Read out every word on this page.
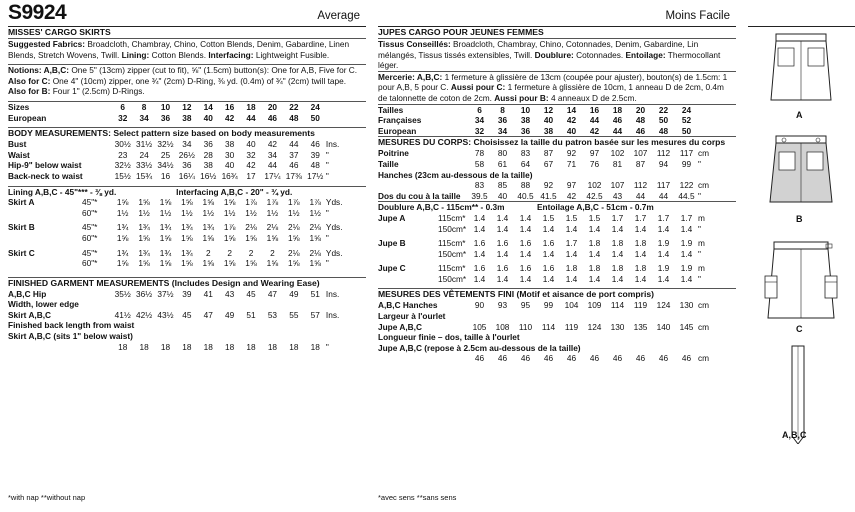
S9924	Average
MISSES' CARGO SKIRTS

Suggested Fabrics: Broadcloth, Chambray, Chino, Cotton Blends, Denim, Gabardine, Linen Blends, Stretch Wovens, Twill. Lining: Cotton Blends. Interfacing: Lightweight Fusible.

Notions: A,B,C: One 5" (13cm) zipper (cut to fit), ⅝" (1.5cm) button(s): One for A,B, Five for C. Also for C: One 4" (10cm) zipper, one ¾" (2cm) D-Ring, ⅜ yd. (0.4m) of ¾" (2cm) twill tape. Also for B: Four 1" (2.5cm) D-Rings.

Sizes	6	8	10	12	14	16	18	20	22	24	
European	32	34	36	38	40	42	44	46	48	50	
BODY MEASUREMENTS: Select pattern size based on body measurements
Bust	30½	31½	32½	34	36	38	40	42	44	46	Ins.
Waist	23	24	25	26½	28	30	32	34	37	39	"
Hip-9" below waist	32½	33½	34½	36	38	40	42	44	46	48	"
Back-neck to waist	15½	15¾	16	16¼	16½	16¾	17	17¼	17⅜	17½	"
Lining A,B,C - 45"*** - ⅜ yd.					Interfacing A,B,C - 20" - ¾ yd.							
Skirt A	45"*	1⅝	1⅝	1⅝	1⅝	1⅝	1⅝	1⅞	1⅞	1⅞	1⅞	Yds.
	60"*	1½	1½	1½	1½	1½	1½	1½	1½	1½	1½	"

Skirt B	45"*	1¾	1¾	1¾	1¾	1¾	1⅞	2⅛	2⅛	2⅛	2⅛	Yds.
	60"*	1⅝	1⅝	1⅝	1⅝	1⅝	1⅝	1⅝	1⅝	1⅝	1⅝	"

Skirt C	45"*	1¾	1¾	1¾	1¾	2	2	2	2	2⅛	2⅛	Yds.
	60"*	1⅝	1⅝	1⅝	1⅝	1⅝	1⅝	1⅝	1⅝	1⅝	1⅝	"

FINISHED GARMENT MEASUREMENTS (Includes Design and Wearing Ease)
A,B,C Hip	35½	36½	37½	39	41	43	45	47	49	51	Ins.
Width, lower edge											
Skirt A,B,C	41½	42½	43½	45	47	49	51	53	55	57	Ins.
Finished back length from waist											
Skirt A,B,C (sits 1" below waist)											
	18	18	18	18	18	18	18	18	18	18	"
*with nap **without nap
Moins Facile
JUPES CARGO POUR JEUNES FEMMES

Tissus Conseillés: Broadcloth, Chambray, Chino, Cotonnades, Denim, Gabardine, Lin mélangés, Tissus tissés extensibles, Twill. Doublure: Cotonnades. Entoilage: Thermocollant léger.

Mercerie: A,B,C: 1 fermeture à glissière de 13cm (coupée pour ajuster), bouton(s) de 1.5cm: 1 pour A,B, 5 pour C. Aussi pour C: 1 fermeture à glissière de 10cm, 1 anneau D de 2cm, 0.4m de talonnette de coton de 2cm. Aussi pour B: 4 anneaux D de 2.5cm.

Tailles	6	8	10	12	14	16	18	20	22	24	
Françaises	34	36	38	40	42	44	46	48	50	52	
European	32	34	36	38	40	42	44	46	48	50	
MESURES DU CORPS: Choisissez la taille du patron basée sur les mesures du corps
Poitrine	78	80	83	87	92	97	102	107	112	117	cm
Taille	58	61	64	67	71	76	81	87	94	99	"
Hanches (23cm au-dessous de la taille)											
	83	85	88	92	97	102	107	112	117	122	cm
Dos du cou à la taille	39.5	40	40.5	41.5	42	42.5	43	44	44	44.5	"
Doublure A,B,C - 115cm** - 0.3m					Entoilage A,B,C - 51cm - 0.7m							
Jupe A	115cm*	1.4	1.4	1.4	1.5	1.5	1.5	1.7	1.7	1.7	1.7	m
	150cm*	1.4	1.4	1.4	1.4	1.4	1.4	1.4	1.4	1.4	1.4	"

Jupe B	115cm*	1.6	1.6	1.6	1.6	1.7	1.8	1.8	1.8	1.9	1.9	m
	150cm*	1.4	1.4	1.4	1.4	1.4	1.4	1.4	1.4	1.4	1.4	"

Jupe C	115cm*	1.6	1.6	1.6	1.6	1.8	1.8	1.8	1.8	1.9	1.9	m
	150cm*	1.4	1.4	1.4	1.4	1.4	1.4	1.4	1.4	1.4	1.4	"

MESURES DES VÊTEMENTS FINI (Motif et aisance de port compris)
A,B,C Hanches	90	93	95	99	104	109	114	119	124	130	cm
Largeur à l'ourlet											
Jupe A,B,C	105	108	110	114	119	124	130	135	140	145	cm
Longueur finie – dos, taille à l'ourlet											
Jupe A,B,C (repose à 2.5cm au-dessous de la taille)											
	46	46	46	46	46	46	46	46	46	46	cm
*avec sens **sans sens
A
B
C
A,B,C
